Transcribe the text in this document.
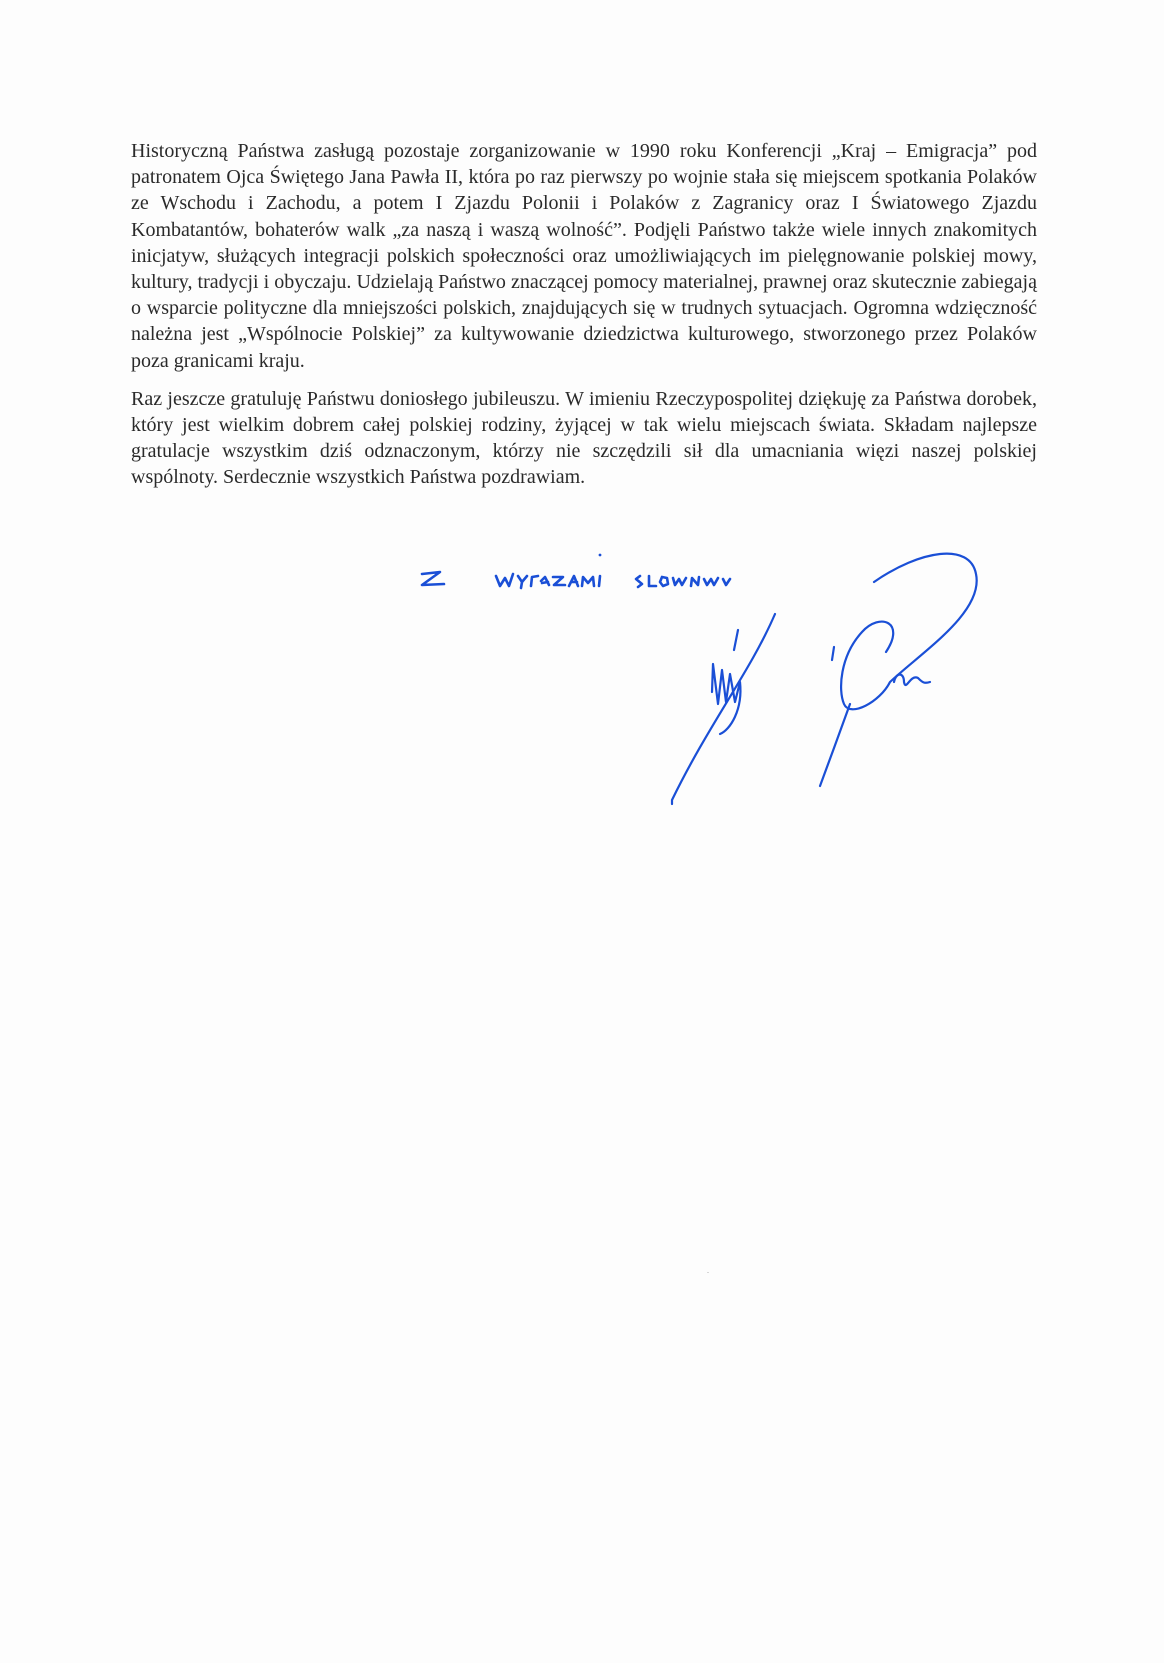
Historyczną Państwa zasługą pozostaje zorganizowanie w 1990 roku Konferencji „Kraj – Emigracja” pod patronatem Ojca Świętego Jana Pawła II, która po raz pierwszy po wojnie stała się miejscem spotkania Polaków ze Wschodu i Zachodu, a potem I Zjazdu Polonii i Polaków z Zagranicy oraz I Światowego Zjazdu Kombatantów, bohaterów walk „za naszą i waszą wolność”. Podjęli Państwo także wiele innych znakomitych inicjatyw, służących integracji polskich społeczności oraz umożliwiających im pielęgnowanie polskiej mowy, kultury, tradycji i obyczaju. Udzielają Państwo znaczącej pomocy materialnej, prawnej oraz skutecznie zabiegają o wsparcie polityczne dla mniejszości polskich, znajdujących się w trudnych sytuacjach. Ogromna wdzięczność należna jest „Wspólnocie Polskiej” za kultywowanie dziedzictwa kulturowego, stworzonego przez Polaków poza granicami kraju.

Raz jeszcze gratuluję Państwu doniosłego jubileuszu. W imieniu Rzeczypospolitej dziękuję za Państwa dorobek, który jest wielkim dobrem całej polskiej rodziny, żyjącej w tak wielu miejscach świata. Składam najlepsze gratulacje wszystkim dziś odznaczonym, którzy nie szczędzili sił dla umacniania więzi naszej polskiej wspólnoty. Serdecznie wszystkich Państwa pozdrawiam.
